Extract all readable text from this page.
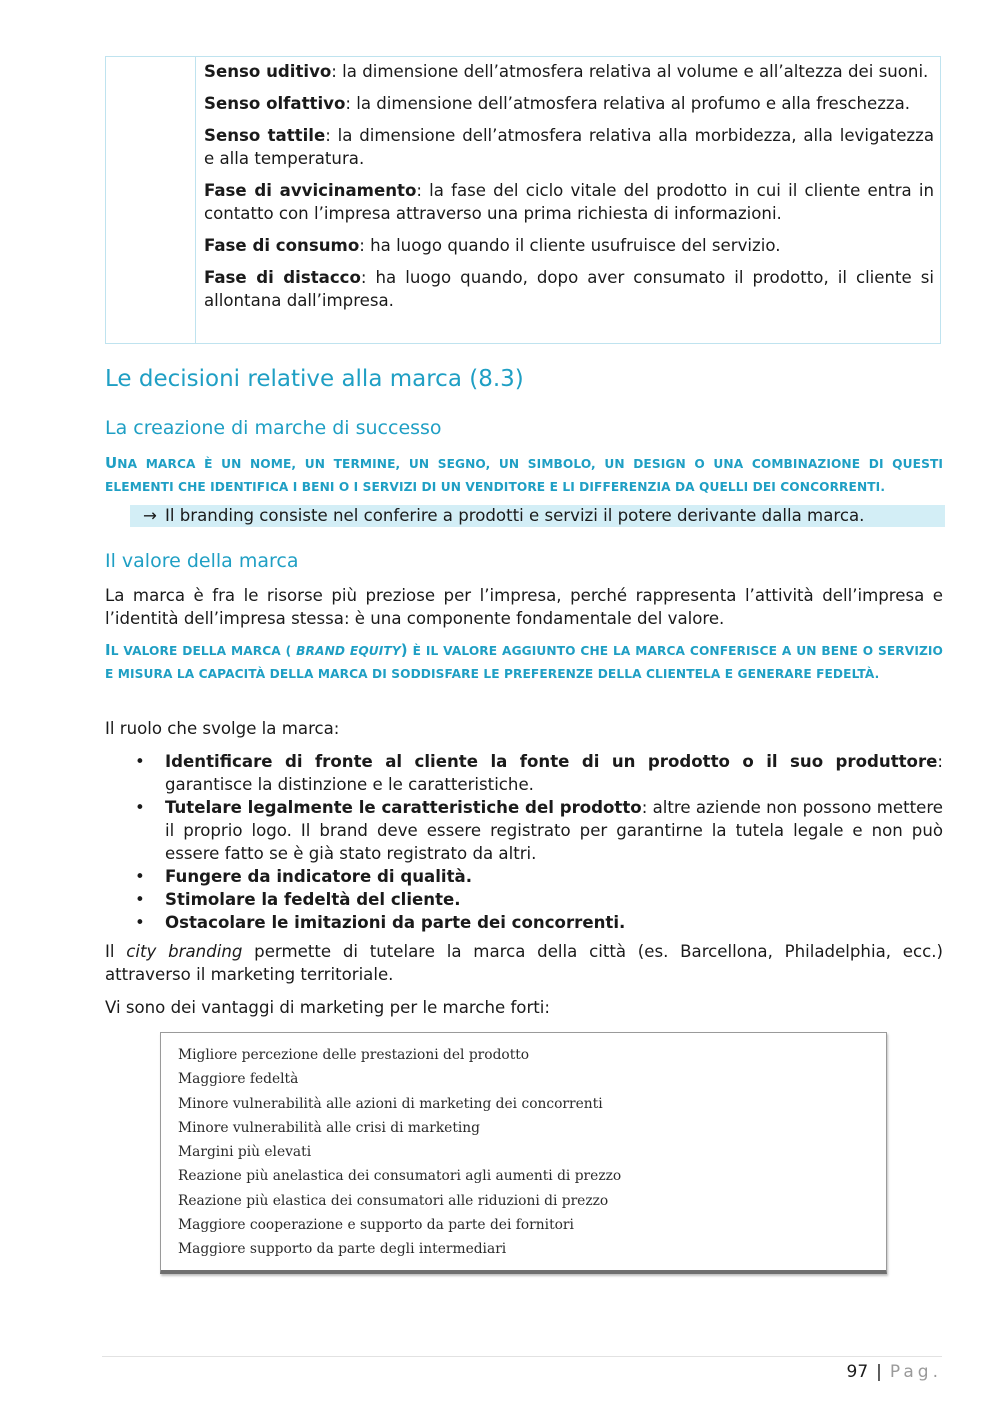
Senso uditivo: la dimensione dell’atmosfera relativa al volume e all’altezza dei suoni.

Senso olfattivo: la dimensione dell’atmosfera relativa al profumo e alla freschezza.

Senso tattile: la dimensione dell’atmosfera relativa alla morbidezza, alla levigatezza e alla temperatura.

Fase di avvicinamento: la fase del ciclo vitale del prodotto in cui il cliente entra in contatto con l’impresa attraverso una prima richiesta di informazioni.

Fase di consumo: ha luogo quando il cliente usufruisce del servizio.

Fase di distacco: ha luogo quando, dopo aver consumato il prodotto, il cliente si allontana dall’impresa.

Le decisioni relative alla marca (8.3)
La creazione di marche di successo

UNA MARCA È UN NOME, UN TERMINE, UN SEGNO, UN SIMBOLO, UN DESIGN O UNA COMBINAZIONE DI QUESTI ELEMENTI CHE IDENTIFICA I BENI O I SERVIZI DI UN VENDITORE E LI DIFFERENZIA DA QUELLI DEI CONCORRENTI.

→ Il branding consiste nel conferire a prodotti e servizi il potere derivante dalla marca.
Il valore della marca

La marca è fra le risorse più preziose per l’impresa, perché rappresenta l’attività dell’impresa e l’identità dell’impresa stessa: è una componente fondamentale del valore.

IL VALORE DELLA MARCA ( BRAND EQUITY) È IL VALORE AGGIUNTO CHE LA MARCA CONFERISCE A UN BENE O SERVIZIO E MISURA LA CAPACITÀ DELLA MARCA DI SODDISFARE LE PREFERENZE DELLA CLIENTELA E GENERARE FEDELTÀ.

Il ruolo che svolge la marca:

• Identificare di fronte al cliente la fonte di un prodotto o il suo produttore: garantisce la distinzione e le caratteristiche.
• Tutelare legalmente le caratteristiche del prodotto: altre aziende non possono mettere il proprio logo. Il brand deve essere registrato per garantirne la tutela legale e non può essere fatto se è già stato registrato da altri.
• Fungere da indicatore di qualità.
• Stimolare la fedeltà del cliente.
• Ostacolare le imitazioni da parte dei concorrenti.

Il city branding permette di tutelare la marca della città (es. Barcellona, Philadelphia, ecc.) attraverso il marketing territoriale.

Vi sono dei vantaggi di marketing per le marche forti:

Migliore percezione delle prestazioni del prodotto
Maggiore fedeltà
Minore vulnerabilità alle azioni di marketing dei concorrenti
Minore vulnerabilità alle crisi di marketing
Margini più elevati
Reazione più anelastica dei consumatori agli aumenti di prezzo
Reazione più elastica dei consumatori alle riduzioni di prezzo
Maggiore cooperazione e supporto da parte dei fornitori
Maggiore supporto da parte degli intermediari
97 | Pag.
